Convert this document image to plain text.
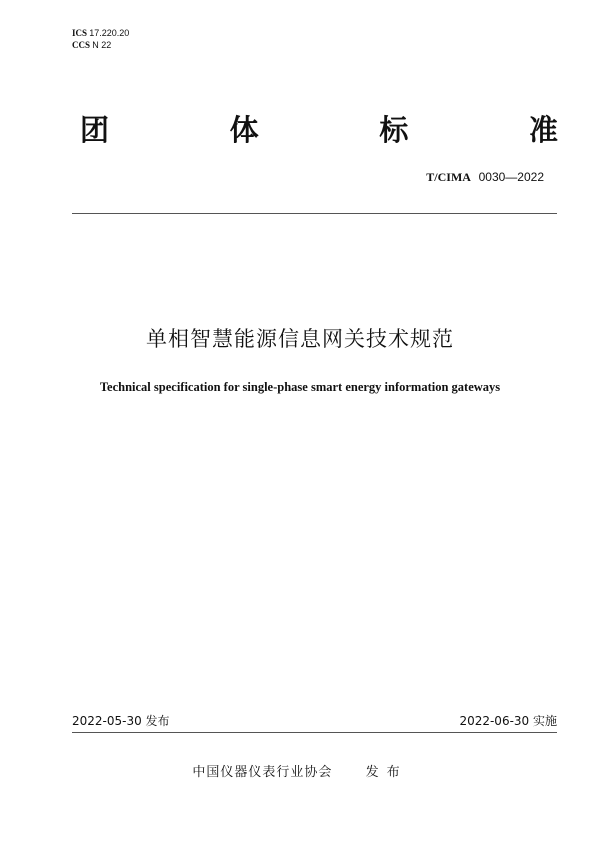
ICS 17.220.20
CCS N 22
团	体	标	准
T/CIMA 0030—2022
单相智慧能源信息网关技术规范
Technical specification for single-phase smart energy information gateways
2022-05-30 发布	2022-06-30 实施
中国仪器仪表行业协会	发布
